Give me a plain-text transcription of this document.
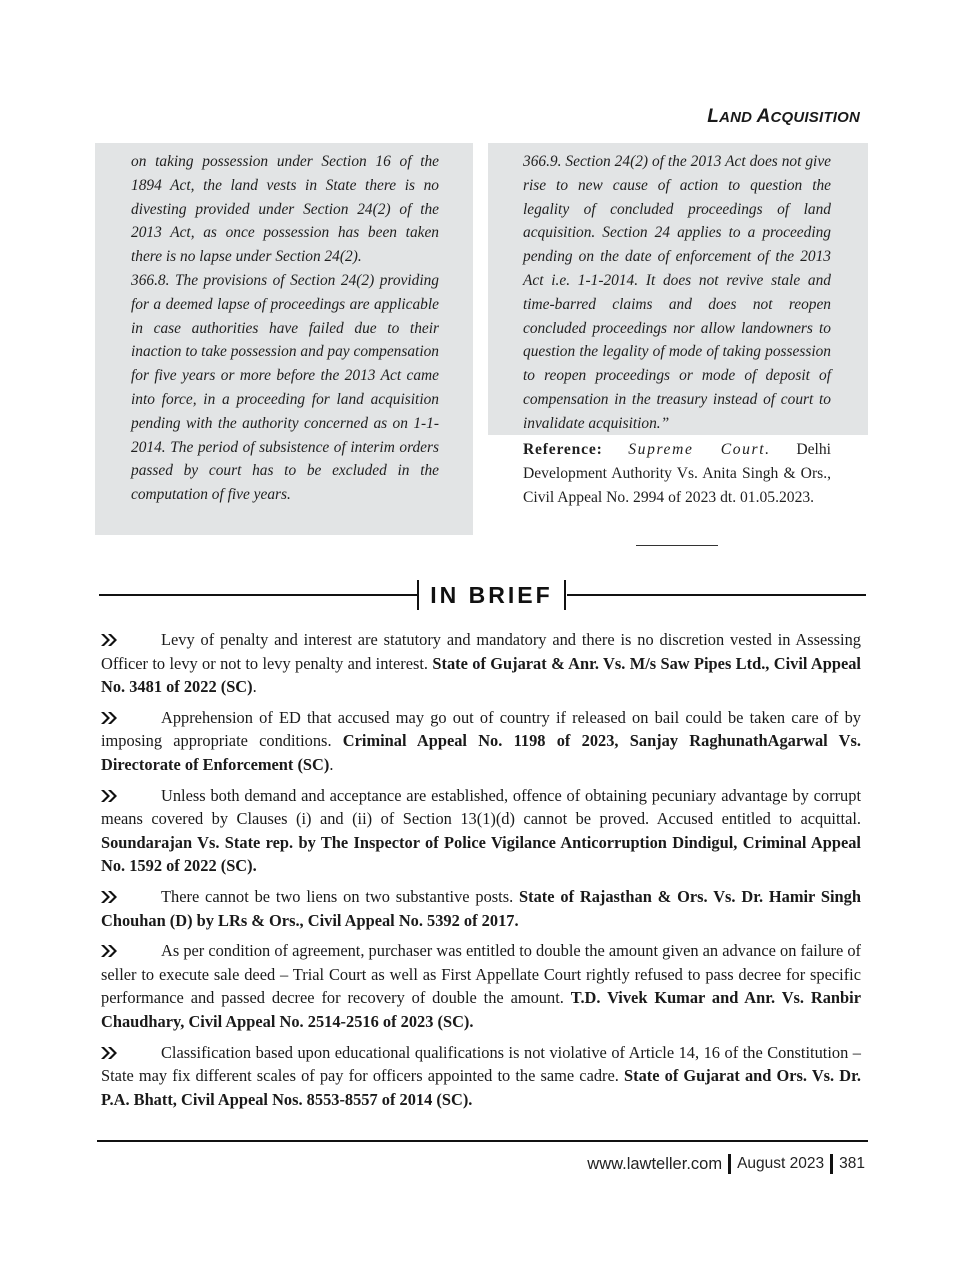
LAND ACQUISITION

on taking possession under Section 16 of the 1894 Act, the land vests in State there is no divesting provided under Section 24(2) of the 2013 Act, as once possession has been taken there is no lapse under Section 24(2).

366.8. The provisions of Section 24(2) providing for a deemed lapse of proceedings are applicable in case authorities have failed due to their inaction to take possession and pay compensation for five years or more before the 2013 Act came into force, in a proceeding for land acquisition pending with the authority concerned as on 1-1-2014. The period of subsistence of interim orders passed by court has to be excluded in the computation of five years.

366.9. Section 24(2) of the 2013 Act does not give rise to new cause of action to question the legality of concluded proceedings of land acquisition. Section 24 applies to a proceeding pending on the date of enforcement of the 2013 Act i.e. 1-1-2014. It does not revive stale and time-barred claims and does not reopen concluded proceedings nor allow landowners to question the legality of mode of taking possession to reopen proceedings or mode of deposit of compensation in the treasury instead of court to invalidate acquisition.”

Reference: Supreme Court. Delhi Development Authority Vs. Anita Singh & Ors., Civil Appeal No. 2994 of 2023 dt. 01.05.2023.
IN BRIEF

Levy of penalty and interest are statutory and mandatory and there is no discretion vested in Assessing Officer to levy or not to levy penalty and interest. State of Gujarat & Anr. Vs. M/s Saw Pipes Ltd., Civil Appeal No. 3481 of 2022 (SC).

Apprehension of ED that accused may go out of country if released on bail could be taken care of by imposing appropriate conditions. Criminal Appeal No. 1198 of 2023, Sanjay RaghunathAgarwal Vs. Directorate of Enforcement (SC).

Unless both demand and acceptance are established, offence of obtaining pecuniary advantage by corrupt means covered by Clauses (i) and (ii) of Section 13(1)(d) cannot be proved. Accused entitled to acquittal. Soundarajan Vs. State rep. by The Inspector of Police Vigilance Anticorruption Dindigul, Criminal Appeal No. 1592 of 2022 (SC).

There cannot be two liens on two substantive posts. State of Rajasthan & Ors. Vs. Dr. Hamir Singh Chouhan (D) by LRs & Ors., Civil Appeal No. 5392 of 2017.

As per condition of agreement, purchaser was entitled to double the amount given an advance on failure of seller to execute sale deed – Trial Court as well as First Appellate Court rightly refused to pass decree for specific performance and passed decree for recovery of double the amount. T.D. Vivek Kumar and Anr. Vs. Ranbir Chaudhary, Civil Appeal No. 2514-2516 of 2023 (SC).

Classification based upon educational qualifications is not violative of Article 14, 16 of the Constitution – State may fix different scales of pay for officers appointed to the same cadre. State of Gujarat and Ors. Vs. Dr. P.A. Bhatt, Civil Appeal Nos. 8553-8557 of 2014 (SC).

www.lawteller.com August 2023 381
